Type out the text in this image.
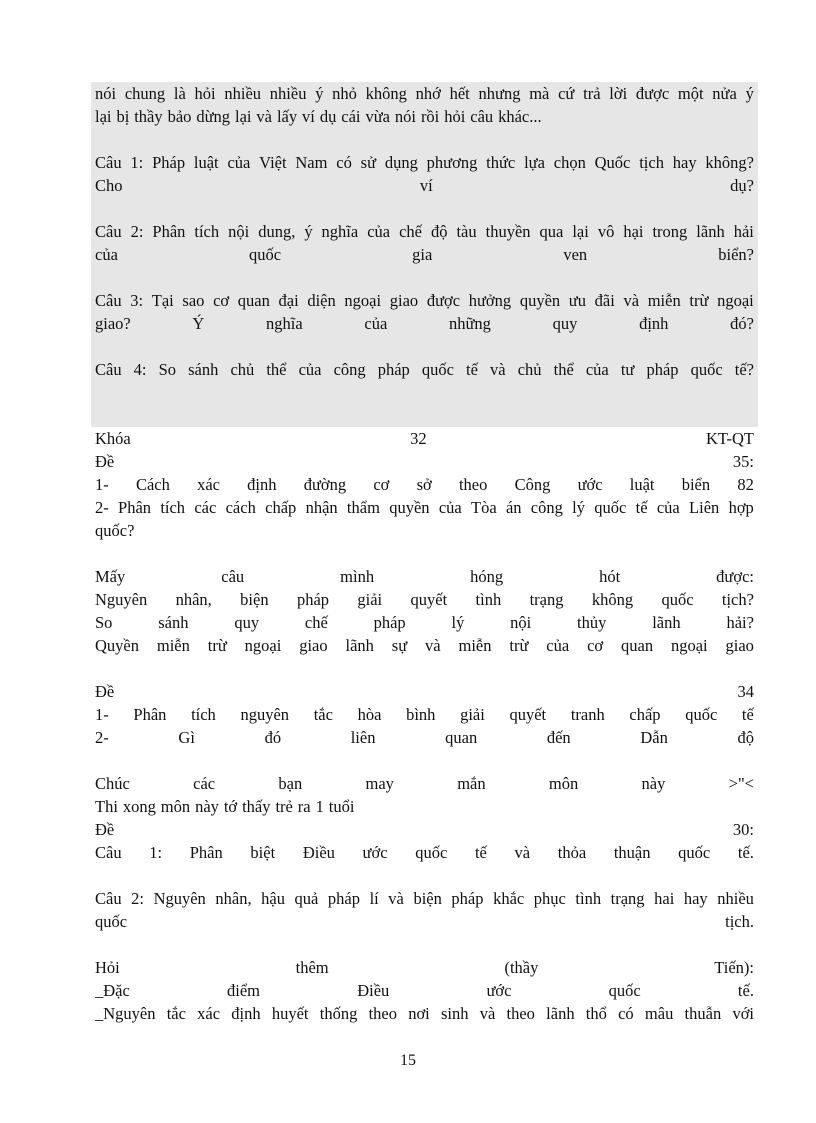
nói chung là hỏi nhiều nhiều ý nhỏ không nhớ hết nhưng mà cứ trả lời được một nửa ý
lại bị thầy bảo dừng lại và lấy ví dụ cái vừa nói rồi hỏi câu khác...
Câu 1: Pháp luật của Việt Nam có sử dụng phương thức lựa chọn Quốc tịch hay không?
Cho	ví	dụ?
Câu 2: Phân tích nội dung, ý nghĩa của chế độ tàu thuyền qua lại vô hại trong lãnh hải
của	quốc	gia	ven	biển?
Câu 3: Tại sao cơ quan đại diện ngoại giao được hưởng quyền ưu đãi và miễn trừ ngoại
giao?	Ý	nghĩa	của	những	quy	định	đó?
Câu 4: So sánh chủ thể của công pháp quốc tế và chủ thể của tư pháp quốc tế?
Khóa	32	KT-QT
Đề	35:
1- Cách xác định đường cơ sở theo Công ước luật biển 82
2- Phân tích các cách chấp nhận thẩm quyền của Tòa án công lý quốc tế của Liên hợp
quốc?
Mấy	câu	mình	hóng	hót	được:
Nguyên nhân, biện pháp giải quyết tình trạng không quốc tịch?
So	sánh	quy	chế	pháp	lý	nội	thủy	lãnh	hải?
Quyền miễn trừ ngoại giao lãnh sự và miễn trừ của cơ quan ngoại giao
Đề	34
1- Phân tích nguyên tắc hòa bình giải quyết tranh chấp quốc tế
2-	Gì	đó	liên	quan	đến	Dẫn	độ
Chúc	các	bạn	may	mắn	môn	này	>"<
Thi xong môn này tớ thấy trẻ ra 1 tuổi
Đề	30:
Câu 1: Phân biệt Điều ước quốc tế và thỏa thuận quốc tế.
Câu 2: Nguyên nhân, hậu quả pháp lí và biện pháp khắc phục tình trạng hai hay nhiều
quốc	tịch.
Hỏi	thêm	(thầy	Tiến):
_Đặc	điểm	Điều	ước	quốc	tế.
_Nguyên tắc xác định huyết thống theo nơi sinh và theo lãnh thổ có mâu thuẫn với
15
